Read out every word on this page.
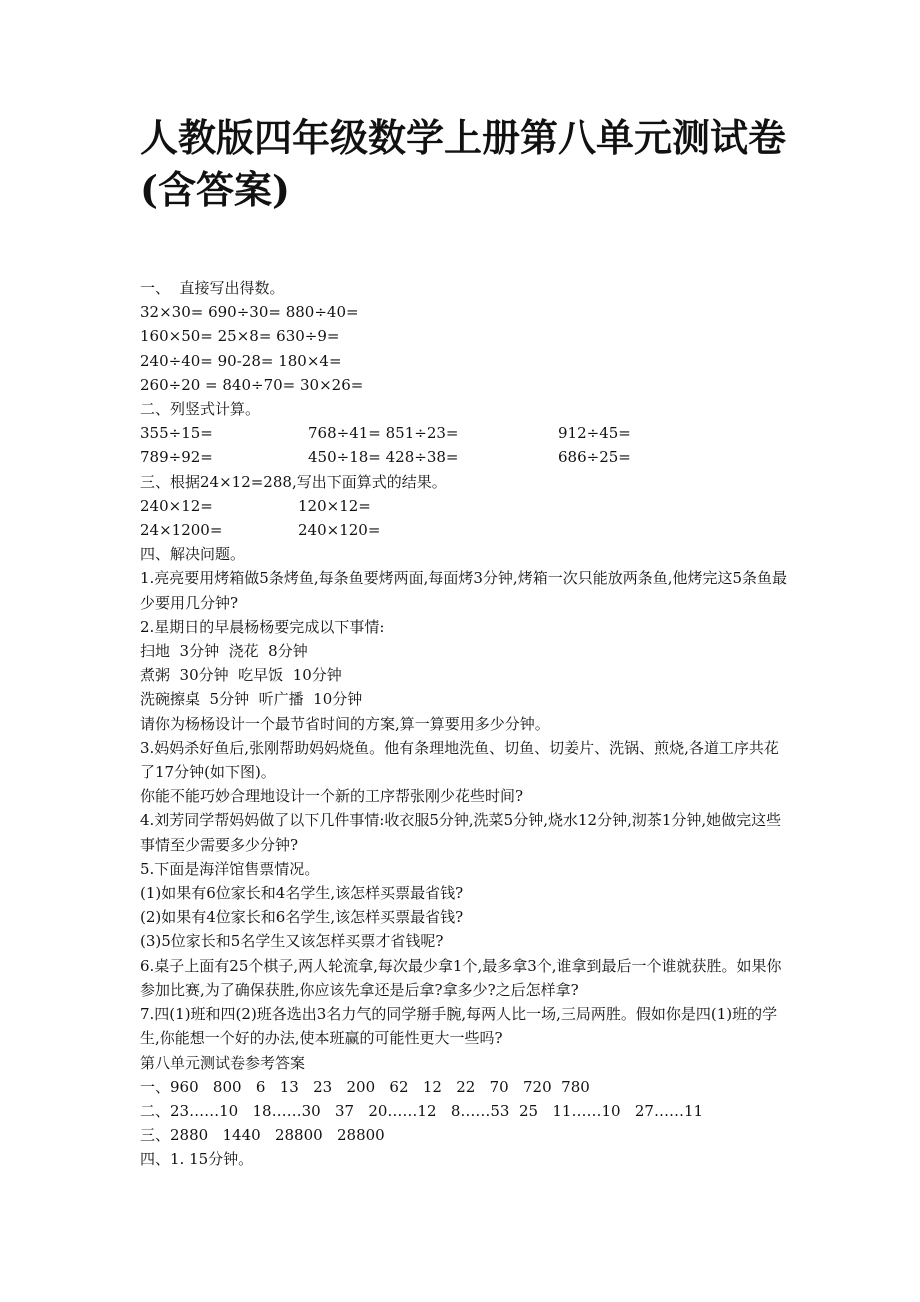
人教版四年级数学上册第八单元测试卷(含答案)
一、  直接写出得数。
32×30= 690÷30= 880÷40=
160×50= 25×8= 630÷9=
240÷40= 90-28= 180×4=
260÷20 = 840÷70= 30×26=
二、列竖式计算。
355÷15=	768÷41= 851÷23=	912÷45=
789÷92=	450÷18= 428÷38=	686÷25=
三、根据24×12=288,写出下面算式的结果。
240×12=	120×12=
24×1200=	240×120=
四、解决问题。
1.亮亮要用烤箱做5条烤鱼,每条鱼要烤两面,每面烤3分钟,烤箱一次只能放两条鱼,他烤完这5条鱼最少要用几分钟?
2.星期日的早晨杨杨要完成以下事情:
扫地  3分钟  浇花  8分钟
煮粥  30分钟  吃早饭  10分钟
洗碗擦桌  5分钟  听广播  10分钟
请你为杨杨设计一个最节省时间的方案,算一算要用多少分钟。
3.妈妈杀好鱼后,张刚帮助妈妈烧鱼。他有条理地洗鱼、切鱼、切姜片、洗锅、煎烧,各道工序共花了17分钟(如下图)。
你能不能巧妙合理地设计一个新的工序帮张刚少花些时间?
4.刘芳同学帮妈妈做了以下几件事情:收衣服5分钟,洗菜5分钟,烧水12分钟,沏茶1分钟,她做完这些事情至少需要多少分钟?
5.下面是海洋馆售票情况。
(1)如果有6位家长和4名学生,该怎样买票最省钱?
(2)如果有4位家长和6名学生,该怎样买票最省钱?
(3)5位家长和5名学生又该怎样买票才省钱呢?
6.桌子上面有25个棋子,两人轮流拿,每次最少拿1个,最多拿3个,谁拿到最后一个谁就获胜。如果你参加比赛,为了确保获胜,你应该先拿还是后拿?拿多少?之后怎样拿?
7.四(1)班和四(2)班各选出3名力气的同学掰手腕,每两人比一场,三局两胜。假如你是四(1)班的学生,你能想一个好的办法,使本班赢的可能性更大一些吗?
第八单元测试卷参考答案
一、960   800   6   13   23   200   62   12   22   70   720  780
二、23……10   18……30   37   20……12   8……53  25   11……10   27……11
三、2880   1440   28800   28800
四、1. 15分钟。
